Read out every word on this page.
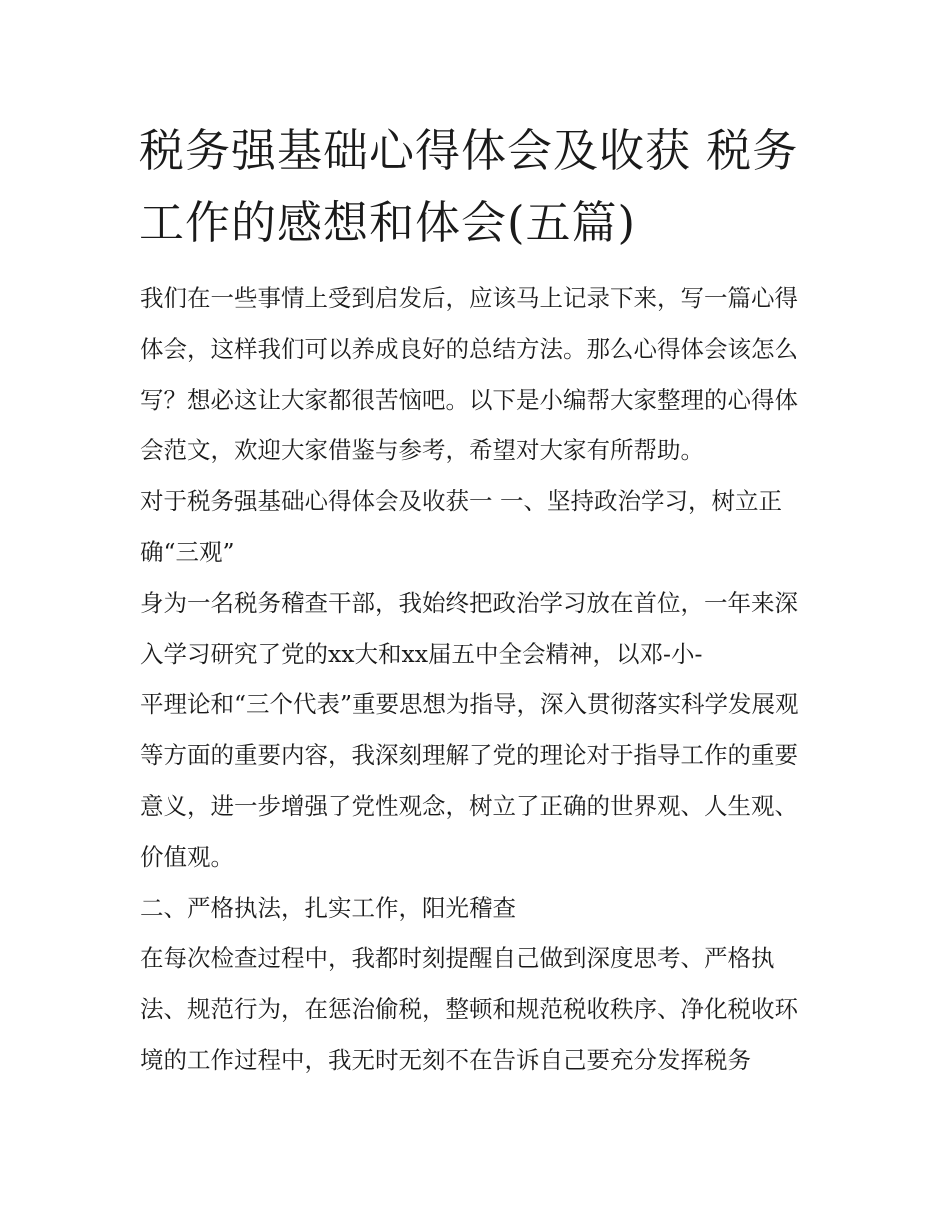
税务强基础心得体会及收获 税务工作的感想和体会(五篇)

我们在一些事情上受到启发后，应该马上记录下来，写一篇心得体会，这样我们可以养成良好的总结方法。那么心得体会该怎么写？想必这让大家都很苦恼吧。以下是小编帮大家整理的心得体会范文，欢迎大家借鉴与参考，希望对大家有所帮助。

对于税务强基础心得体会及收获一 一、坚持政治学习，树立正确“三观”

身为一名税务稽查干部，我始终把政治学习放在首位，一年来深入学习研究了党的xx大和xx届五中全会精神，以邓-小-

平理论和“三个代表”重要思想为指导，深入贯彻落实科学发展观等方面的重要内容，我深刻理解了党的理论对于指导工作的重要意义，进一步增强了党性观念，树立了正确的世界观、人生观、价值观。

二、严格执法，扎实工作，阳光稽查

在每次检查过程中，我都时刻提醒自己做到深度思考、严格执法、规范行为，在惩治偷税，整顿和规范税收秩序、净化税收环境的工作过程中，我无时无刻不在告诉自己要充分发挥税务
